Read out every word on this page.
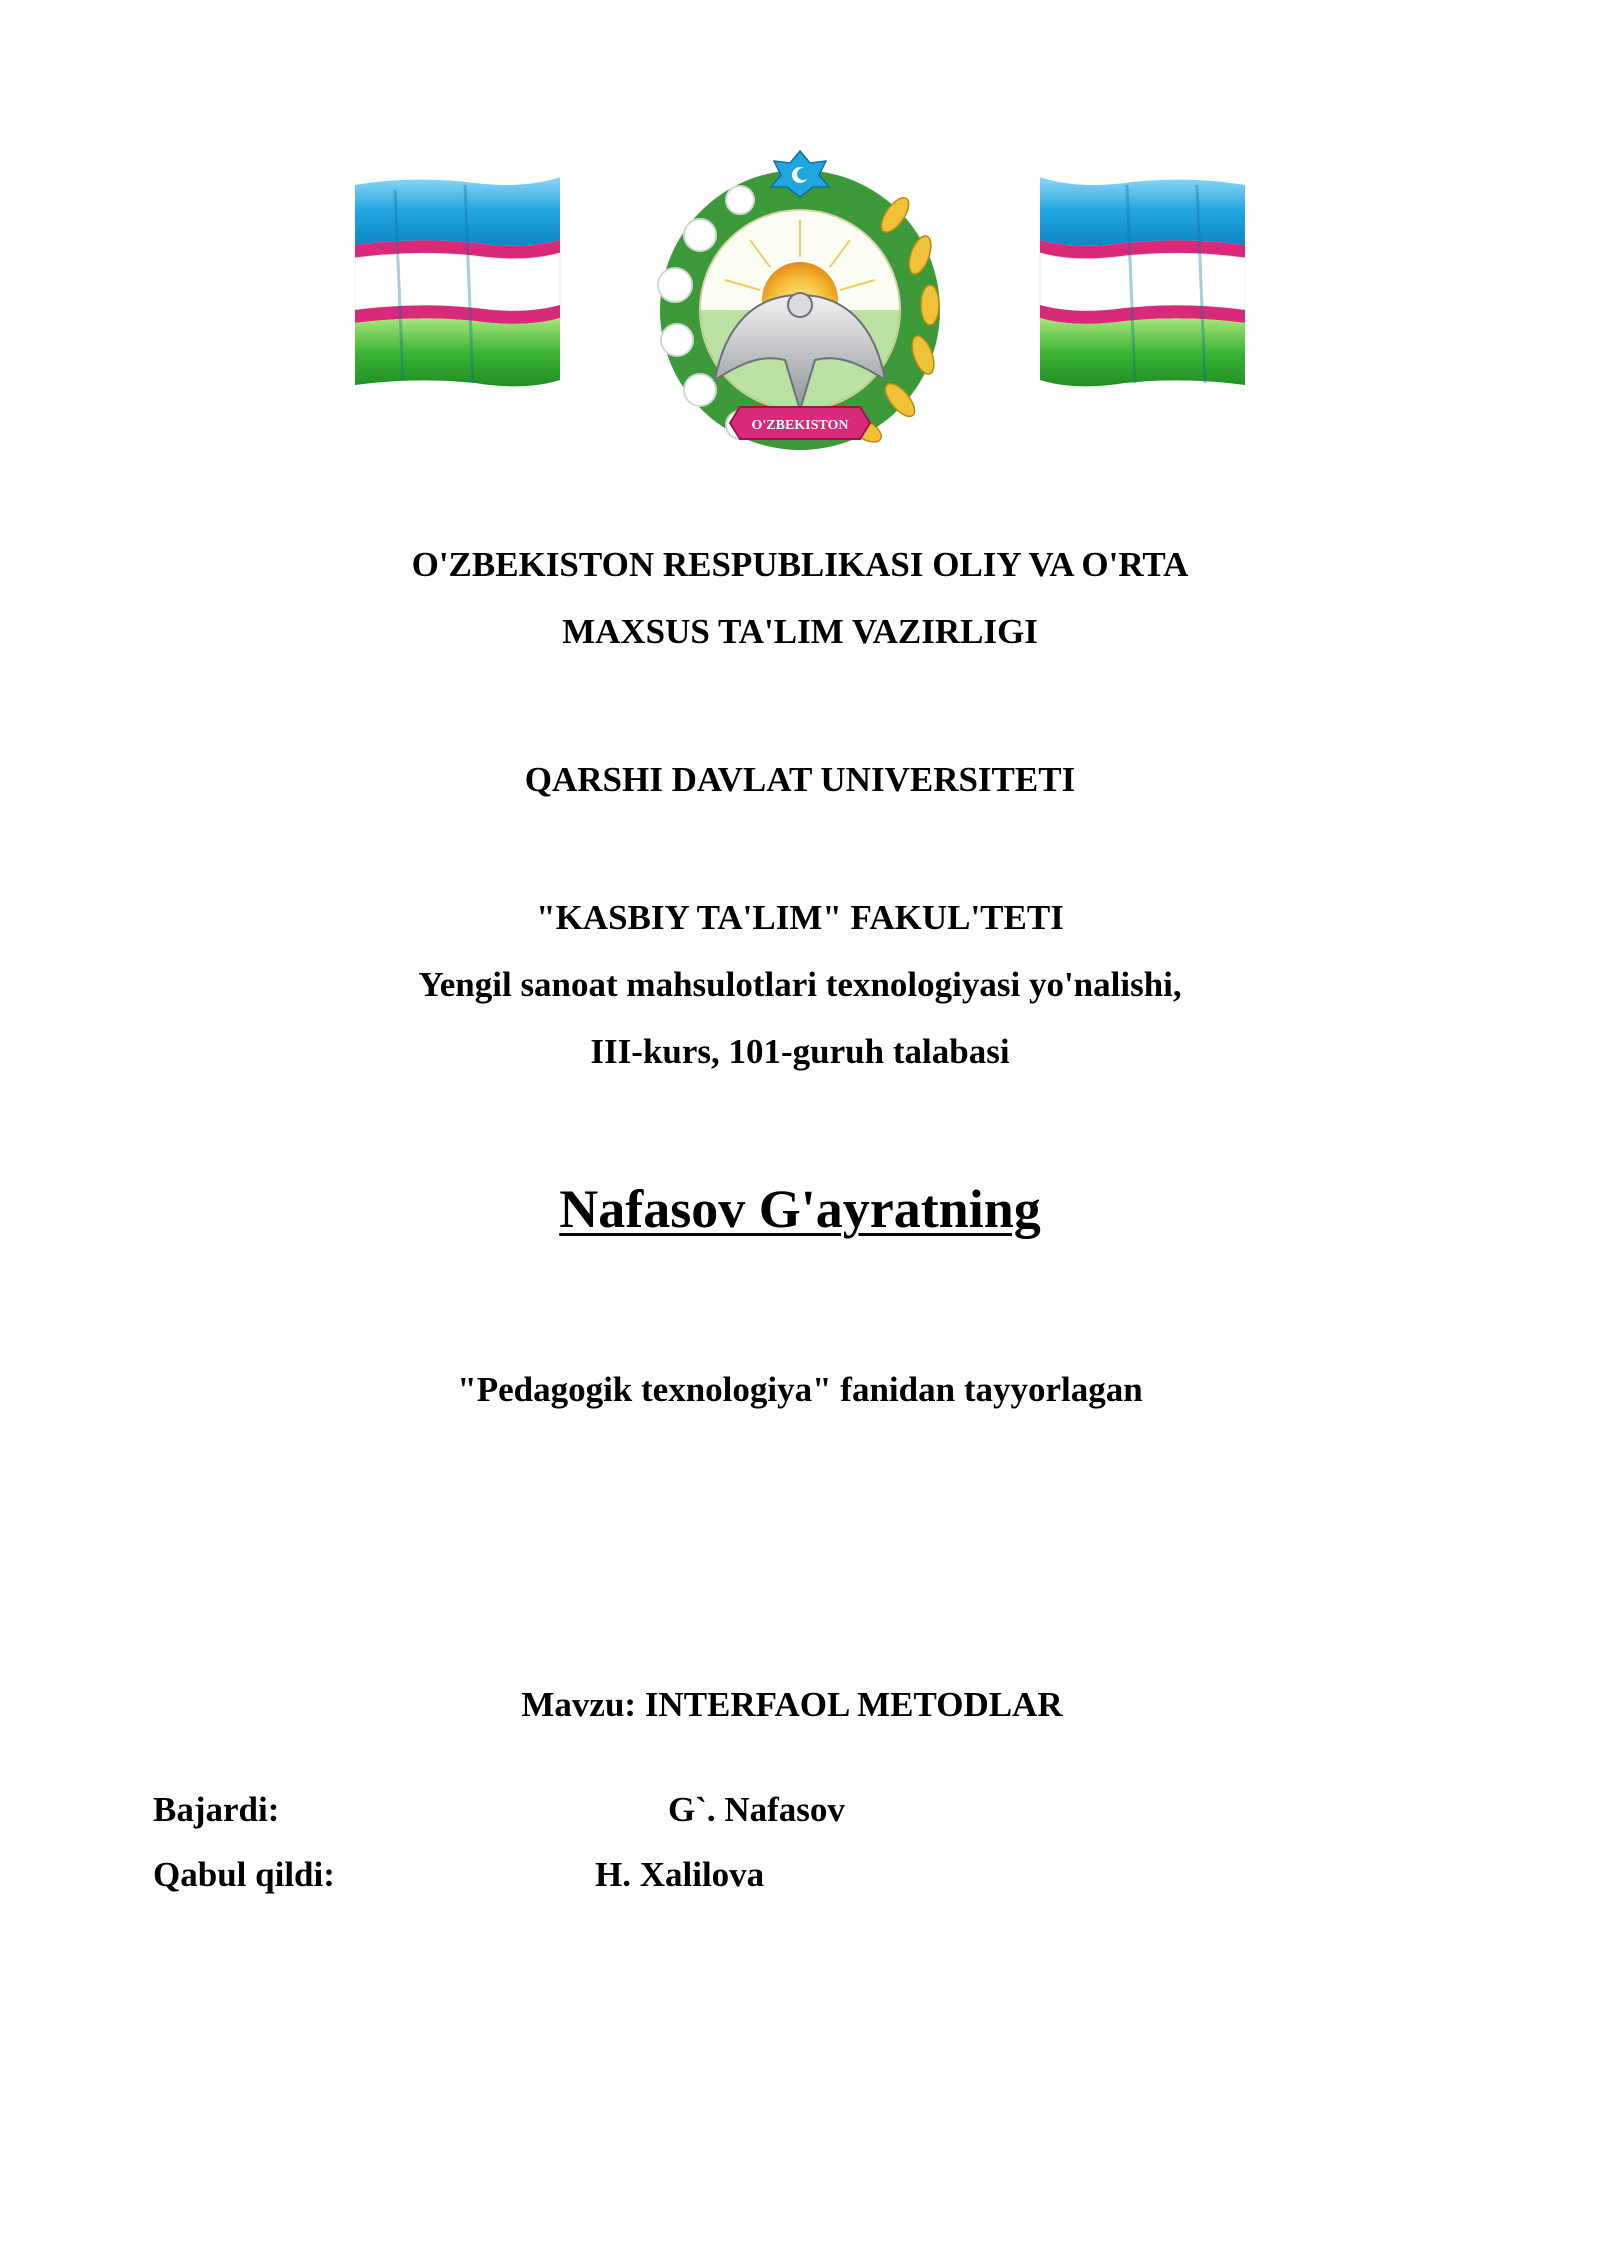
O'ZBEKISTON
O'ZBEKISTON RESPUBLIKASI OLIY VA O'RTA
MAXSUS TA'LIM VAZIRLIGI
QARSHI DAVLAT UNIVERSITETI
"KASBIY TA'LIM" FAKUL'TETI
Yengil sanoat mahsulotlari texnologiyasi yo'nalishi,
III-kurs, 101-guruh talabasi
Nafasov G'ayratning
"Pedagogik texnologiya" fanidan tayyorlagan
Mavzu: INTERFAOL METODLAR
Bajardi:	G`. Nafasov
Qabul qildi:	H. Xalilova
